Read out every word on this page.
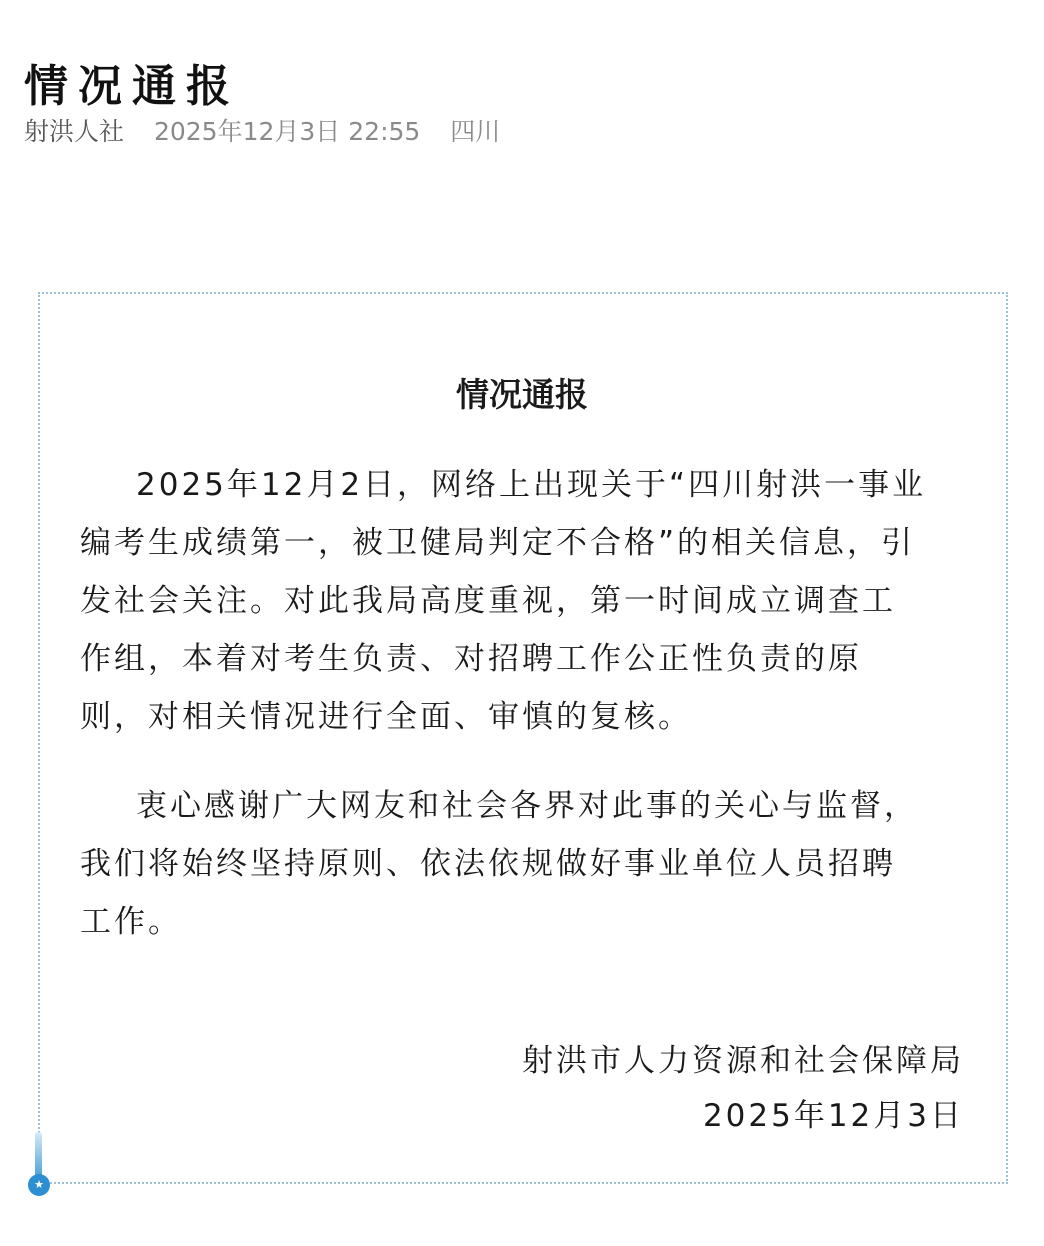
情况通报
射洪人社 2025年12月3日 22:55 四川
★
情况通报
2025年12月2日，网络上出现关于“四川射洪一事业
编考生成绩第一，被卫健局判定不合格”的相关信息，引
发社会关注。对此我局高度重视，第一时间成立调查工
作组，本着对考生负责、对招聘工作公正性负责的原
则，对相关情况进行全面、审慎的复核。
衷心感谢广大网友和社会各界对此事的关心与监督，
我们将始终坚持原则、依法依规做好事业单位人员招聘
工作。
射洪市人力资源和社会保障局
2025年12月3日
